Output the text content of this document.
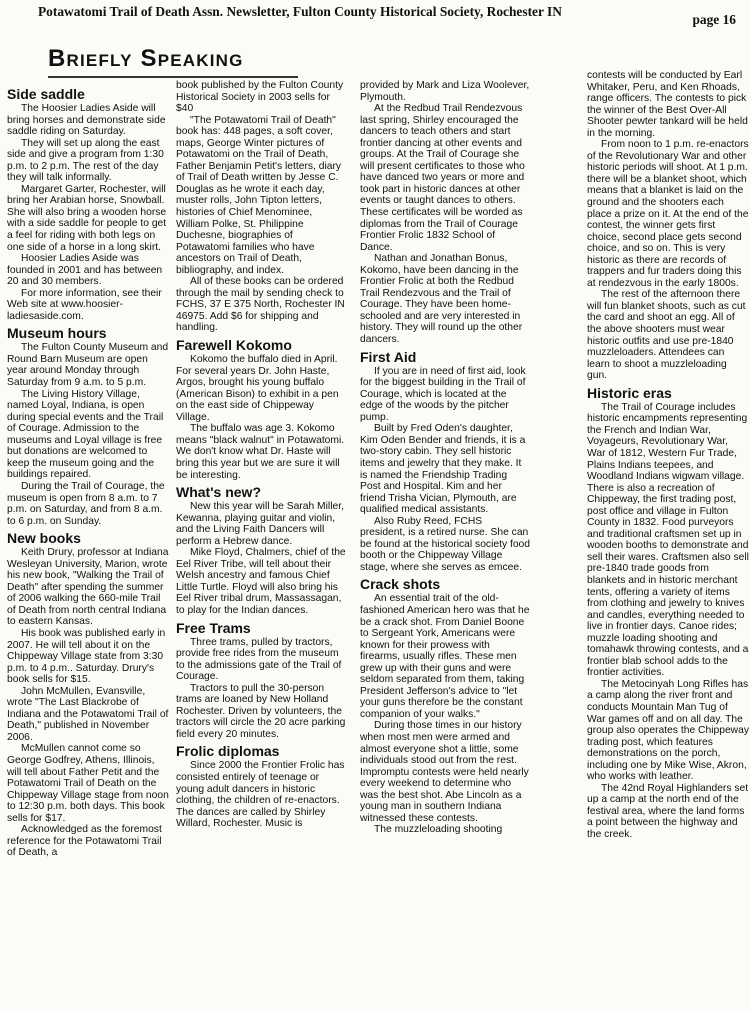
Potawatomi Trail of Death Assn. Newsletter, Fulton County Historical Society, Rochester IN
page 16
Briefly Speaking
Side saddle

The Hoosier Ladies Aside will bring horses and demonstrate side saddle riding on Saturday.

They will set up along the east side and give a program from 1:30 p.m. to 2 p.m. The rest of the day they will talk informally.

Margaret Garter, Rochester, will bring her Arabian horse, Snowball. She will also bring a wooden horse with a side saddle for people to get a feel for riding with both legs on one side of a horse in a long skirt.

Hoosier Ladies Aside was founded in 2001 and has between 20 and 30 members.

For more information, see their Web site at www.hoosier-ladiesaside.com.

Museum hours

The Fulton County Museum and Round Barn Museum are open year around Monday through Saturday from 9 a.m. to 5 p.m.

The Living History Village, named Loyal, Indiana, is open during special events and the Trail of Courage. Admission to the museums and Loyal village is free but donations are welcomed to keep the museum going and the buildings repaired.

During the Trail of Courage, the museum is open from 8 a.m. to 7 p.m. on Saturday, and from 8 a.m. to 6 p.m. on Sunday.

New books

Keith Drury, professor at Indiana Wesleyan University, Marion, wrote his new book, "Walking the Trail of Death" after spending the summer of 2006 walking the 660-mile Trail of Death from north central Indiana to eastern Kansas.

His book was published early in 2007. He will tell about it on the Chippeway Village state from 3:30 p.m. to 4 p.m.. Saturday. Drury's book sells for $15.

John McMullen, Evansville, wrote "The Last Blackrobe of Indiana and the Potawatomi Trail of Death," published in November 2006.

McMullen cannot come so George Godfrey, Athens, Illinois, will tell about Father Petit and the Potawatomi Trail of Death on the Chippeway Village stage from noon to 12:30 p.m. both days. This book sells for $17.

Acknowledged as the foremost reference for the Potawatomi Trail of Death, a

book published by the Fulton County Historical Society in 2003 sells for $40

"The Potawatomi Trail of Death" book has: 448 pages, a soft cover, maps, George Winter pictures of Potawatomi on the Trail of Death, Father Benjamin Petit's letters, diary of Trail of Death written by Jesse C. Douglas as he wrote it each day, muster rolls, John Tipton letters, histories of Chief Menominee, William Polke, St. Philippine Duchesne, biographies of Potawatomi families who have ancestors on Trail of Death, bibliography, and index.

All of these books can be ordered through the mail by sending check to FCHS, 37 E 375 North, Rochester IN 46975. Add $6 for shipping and handling.

Farewell Kokomo

Kokomo the buffalo died in April. For several years Dr. John Haste, Argos, brought his young buffalo (American Bison) to exhibit in a pen on the east side of Chippeway Village.

The buffalo was age 3. Kokomo means "black walnut" in Potawatomi. We don't know what Dr. Haste will bring this year but we are sure it will be interesting.

What's new?

New this year will be Sarah Miller, Kewanna, playing guitar and violin, and the Living Faith Dancers will perform a Hebrew dance.

Mike Floyd, Chalmers, chief of the Eel River Tribe, will tell about their Welsh ancestry and famous Chief Little Turtle. Floyd will also bring his Eel River tribal drum, Massassagan, to play for the Indian dances.

Free Trams

Three trams, pulled by tractors, provide free rides from the museum to the admissions gate of the Trail of Courage.

Tractors to pull the 30-person trams are loaned by New Holland Rochester. Driven by volunteers, the tractors will circle the 20 acre parking field every 20 minutes.

Frolic diplomas

Since 2000 the Frontier Frolic has consisted entirely of teenage or young adult dancers in historic clothing, the children of re-enactors. The dances are called by Shirley Willard, Rochester. Music is

provided by Mark and Liza Woolever, Plymouth.

At the Redbud Trail Rendezvous last spring, Shirley encouraged the dancers to teach others and start frontier dancing at other events and groups. At the Trail of Courage she will present certificates to those who have danced two years or more and took part in historic dances at other events or taught dances to others. These certificates will be worded as diplomas from the Trail of Courage Frontier Frolic 1832 School of Dance.

Nathan and Jonathan Bonus, Kokomo, have been dancing in the Frontier Frolic at both the Redbud Trail Rendezvous and the Trail of Courage. They have been home-schooled and are very interested in history. They will round up the other dancers.

First Aid

If you are in need of first aid, look for the biggest building in the Trail of Courage, which is located at the edge of the woods by the pitcher pump.

Built by Fred Oden's daughter, Kim Oden Bender and friends, it is a two-story cabin. They sell historic items and jewelry that they make. It is named the Friendship Trading Post and Hospital. Kim and her friend Trisha Vician, Plymouth, are qualified medical assistants.

Also Ruby Reed, FCHS president, is a retired nurse. She can be found at the historical society food booth or the Chippeway Village stage, where she serves as emcee.

Crack shots

An essential trait of the old-fashioned American hero was that he be a crack shot. From Daniel Boone to Sergeant York, Americans were known for their prowess with firearms, usually rifles. These men grew up with their guns and were seldom separated from them, taking President Jefferson's advice to "let your guns therefore be the constant companion of your walks."

During those times in our history when most men were armed and almost everyone shot a little, some individuals stood out from the rest. Impromptu contests were held nearly every weekend to determine who was the best shot. Abe Lincoln as a young man in southern Indiana witnessed these contests.

The muzzleloading shooting

contests will be conducted by Earl Whitaker, Peru, and Ken Rhoads, range officers. The contests to pick the winner of the Best Over-All Shooter pewter tankard will be held in the morning.

From noon to 1 p.m. re-enactors of the Revolutionary War and other historic periods will shoot. At 1 p.m. there will be a blanket shoot, which means that a blanket is laid on the ground and the shooters each place a prize on it. At the end of the contest, the winner gets first choice, second place gets second choice, and so on. This is very historic as there are records of trappers and fur traders doing this at rendezvous in the early 1800s.

The rest of the afternoon there will fun blanket shoots, such as cut the card and shoot an egg. All of the above shooters must wear historic outfits and use pre-1840 muzzleloaders. Attendees can learn to shoot a muzzleloading gun.

Historic eras

The Trail of Courage includes historic encampments representing the French and Indian War, Voyageurs, Revolutionary War, War of 1812, Western Fur Trade, Plains Indians teepees, and Woodland Indians wigwam village. There is also a recreation of Chippeway, the first trading post, post office and village in Fulton County in 1832. Food purveyors and traditional craftsmen set up in wooden booths to demonstrate and sell their wares. Craftsmen also sell pre-1840 trade goods from blankets and in historic merchant tents, offering a variety of items from clothing and jewelry to knives and candles, everything needed to live in frontier days. Canoe rides; muzzle loading shooting and tomahawk throwing contests, and a frontier blab school adds to the frontier activities.

The Metocinyah Long Rifles has a camp along the river front and conducts Mountain Man Tug of War games off and on all day. The group also operates the Chippeway trading post, which features demonstrations on the porch, including one by Mike Wise, Akron, who works with leather.

The 42nd Royal Highlanders set up a camp at the north end of the festival area, where the land forms a point between the highway and the creek.
